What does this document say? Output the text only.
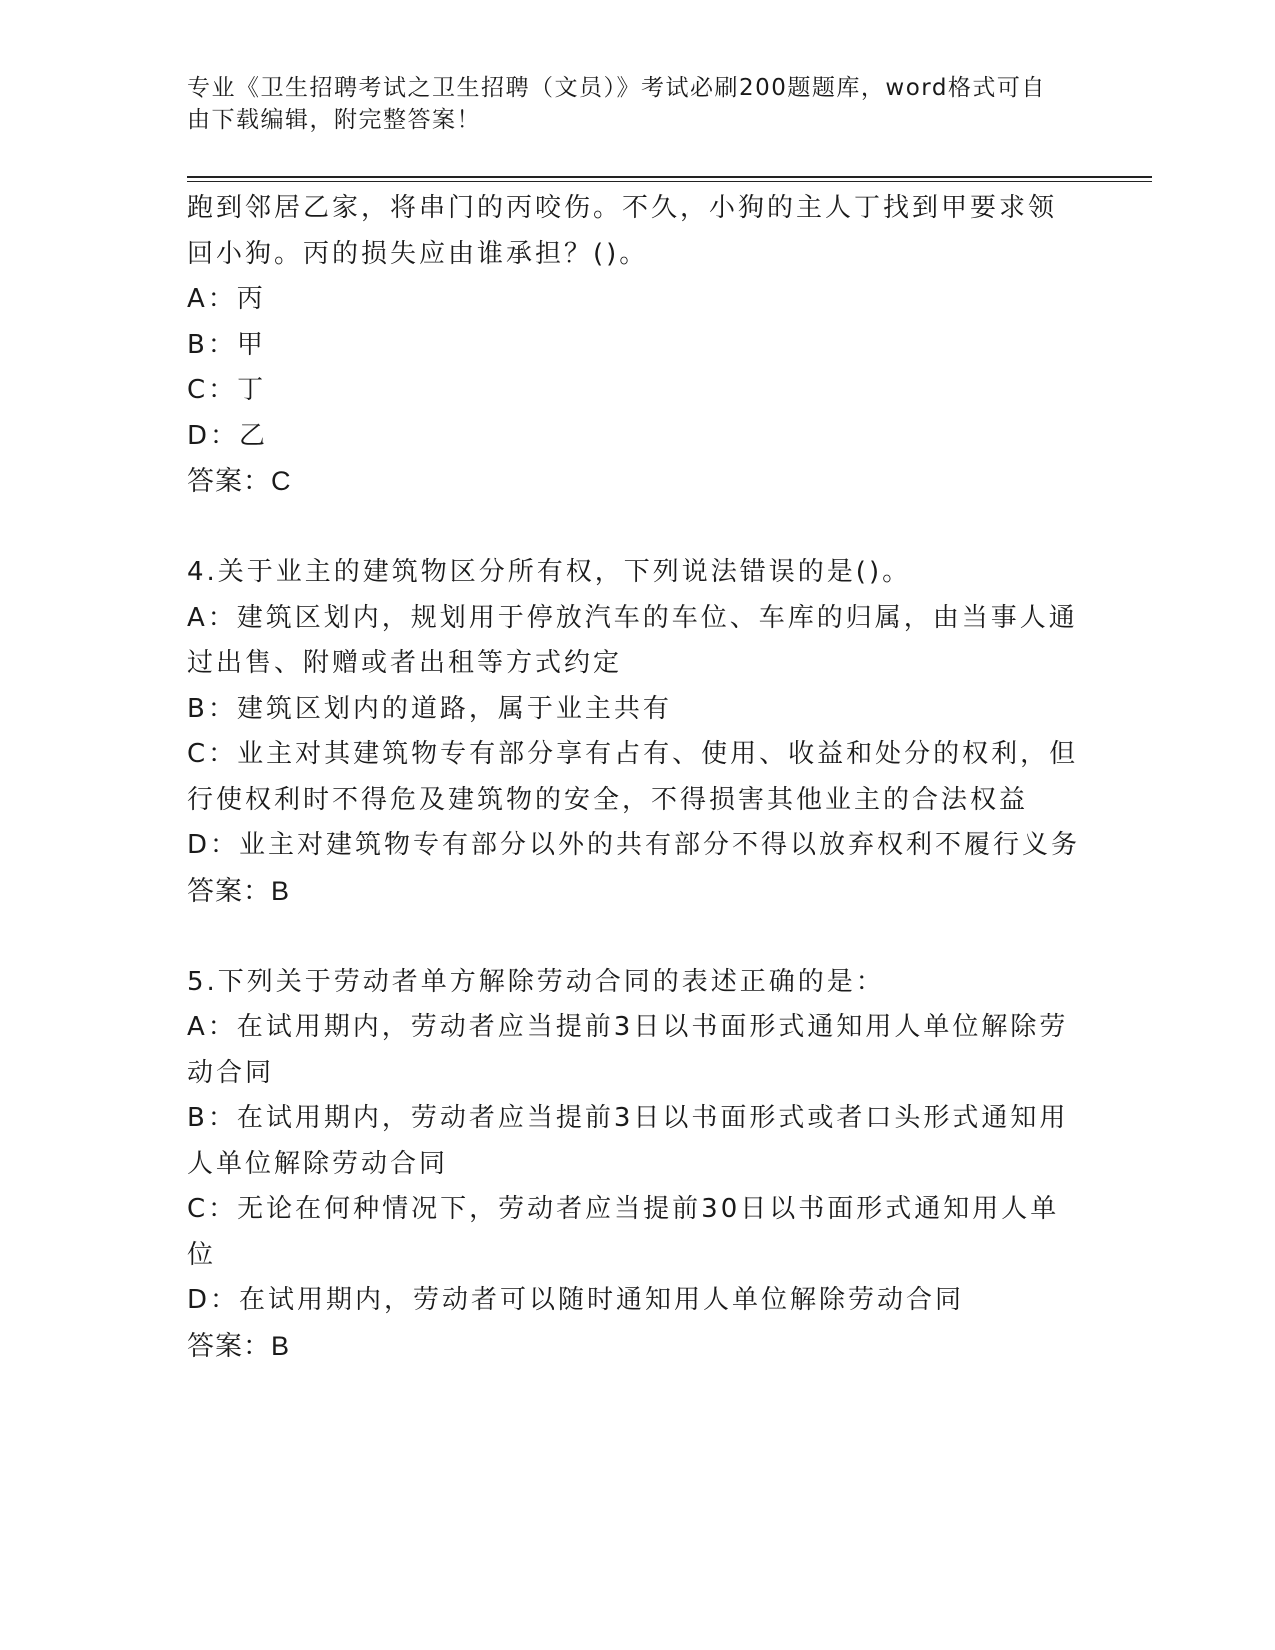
专业《卫生招聘考试之卫生招聘（文员）》考试必刷200题题库，word格式可自
由下载编辑，附完整答案！

跑到邻居乙家，将串门的丙咬伤。不久，小狗的主人丁找到甲要求领

回小狗。丙的损失应由谁承担？()。

A：丙

B：甲

C：丁

D：乙

答案：C

4.关于业主的建筑物区分所有权，下列说法错误的是()。

A：建筑区划内，规划用于停放汽车的车位、车库的归属，由当事人通

过出售、附赠或者出租等方式约定

B：建筑区划内的道路，属于业主共有

C：业主对其建筑物专有部分享有占有、使用、收益和处分的权利，但

行使权利时不得危及建筑物的安全，不得损害其他业主的合法权益

D：业主对建筑物专有部分以外的共有部分不得以放弃权利不履行义务

答案：B

5.下列关于劳动者单方解除劳动合同的表述正确的是：

A：在试用期内，劳动者应当提前3日以书面形式通知用人单位解除劳

动合同

B：在试用期内，劳动者应当提前3日以书面形式或者口头形式通知用

人单位解除劳动合同

C：无论在何种情况下，劳动者应当提前30日以书面形式通知用人单

位

D：在试用期内，劳动者可以随时通知用人单位解除劳动合同

答案：B
